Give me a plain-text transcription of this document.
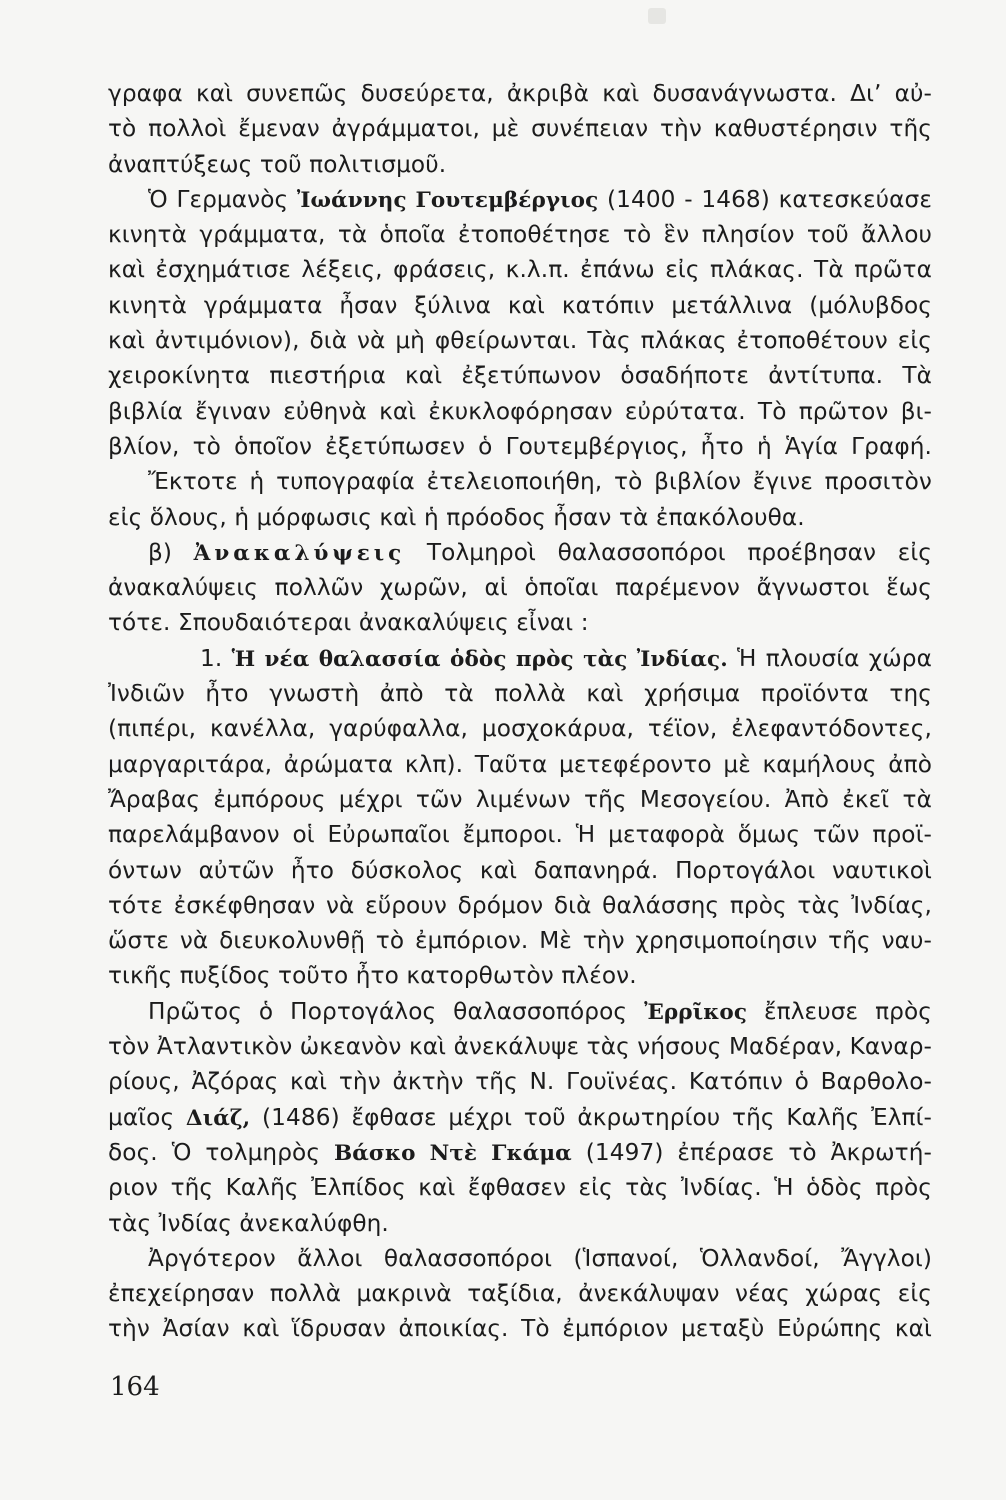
γραφα καὶ συνεπῶς δυσεύρετα, ἀκριβὰ καὶ δυσανάγνωστα. Διʼ αὐ-
τὸ πολλοὶ ἔμεναν ἀγράμματοι, μὲ συνέπειαν τὴν καθυστέρησιν τῆς
ἀναπτύξεως τοῦ πολιτισμοῦ.
Ὁ Γερμανὸς Ἰωάννης Γουτεμβέργιος (1400 - 1468) κατεσκεύασε
κινητὰ γράμματα, τὰ ὁποῖα ἐτοποθέτησε τὸ ἓν πλησίον τοῦ ἄλλου
καὶ ἐσχημάτισε λέξεις, φράσεις, κ.λ.π. ἐπάνω εἰς πλάκας. Τὰ πρῶτα
κινητὰ γράμματα ἦσαν ξύλινα καὶ κατόπιν μετάλλινα (μόλυβδος
καὶ ἀντιμόνιον), διὰ νὰ μὴ φθείρωνται. Τὰς πλάκας ἐτοποθέτουν εἰς
χειροκίνητα πιεστήρια καὶ ἐξετύπωνον ὁσαδήποτε ἀντίτυπα. Τὰ
βιβλία ἔγιναν εὐθηνὰ καὶ ἐκυκλοφόρησαν εὐρύτατα. Τὸ πρῶτον βι-
βλίον, τὸ ὁποῖον ἐξετύπωσεν ὁ Γουτεμβέργιος, ἦτο ἡ Ἁγία Γραφή.
Ἔκτοτε ἡ τυπογραφία ἐτελειοποιήθη, τὸ βιβλίον ἔγινε προσιτὸν
εἰς ὅλους, ἡ μόρφωσις καὶ ἡ πρόοδος ἦσαν τὰ ἐπακόλουθα.
β) Ἀνακαλύψεις Τολμηροὶ θαλασσοπόροι προέβησαν εἰς
ἀνακαλύψεις πολλῶν χωρῶν, αἱ ὁποῖαι παρέμενον ἄγνωστοι ἕως
τότε. Σπουδαιότεραι ἀνακαλύψεις εἶναι :
1. Ἡ νέα θαλασσία ὁδὸς πρὸς τὰς Ἰνδίας. Ἡ πλουσία χώρα
Ἰνδιῶν ἦτο γνωστὴ ἀπὸ τὰ πολλὰ καὶ χρήσιμα προϊόντα της
(πιπέρι, κανέλλα, γαρύφαλλα, μοσχοκάρυα, τέϊον, ἐλεφαντόδοντες,
μαργαριτάρα, ἀρώματα κλπ). Ταῦτα μετεφέροντο μὲ καμήλους ἀπὸ
Ἄραβας ἐμπόρους μέχρι τῶν λιμένων τῆς Μεσογείου. Ἀπὸ ἐκεῖ τὰ
παρελάμβανον οἱ Εὐρωπαῖοι ἔμποροι. Ἡ μεταφορὰ ὅμως τῶν προϊ-
όντων αὐτῶν ἦτο δύσκολος καὶ δαπανηρά. Πορτογάλοι ναυτικοὶ
τότε ἐσκέφθησαν νὰ εὕρουν δρόμον διὰ θαλάσσης πρὸς τὰς Ἰνδίας,
ὥστε νὰ διευκολυνθῇ τὸ ἐμπόριον. Μὲ τὴν χρησιμοποίησιν τῆς ναυ-
τικῆς πυξίδος τοῦτο ἦτο κατορθωτὸν πλέον.
Πρῶτος ὁ Πορτογάλος θαλασσοπόρος Ἐρρῖκος ἔπλευσε πρὸς
τὸν Ἀτλαντικὸν ὠκεανὸν καὶ ἀνεκάλυψε τὰς νήσους Μαδέραν, Καναρ-
ρίους, Ἀζόρας καὶ τὴν ἀκτὴν τῆς Ν. Γουϊνέας. Κατόπιν ὁ Βαρθολο-
μαῖος Διάζ, (1486) ἔφθασε μέχρι τοῦ ἀκρωτηρίου τῆς Καλῆς Ἐλπί-
δος. Ὁ τολμηρὸς Βάσκο Ντὲ Γκάμα (1497) ἐπέρασε τὸ Ἀκρωτή-
ριον τῆς Καλῆς Ἐλπίδος καὶ ἔφθασεν εἰς τὰς Ἰνδίας. Ἡ ὁδὸς πρὸς
τὰς Ἰνδίας ἀνεκαλύφθη.
Ἀργότερον ἄλλοι θαλασσοπόροι (Ἱσπανοί, Ὁλλανδοί, Ἄγγλοι)
ἐπεχείρησαν πολλὰ μακρινὰ ταξίδια, ἀνεκάλυψαν νέας χώρας εἰς
τὴν Ἀσίαν καὶ ἵδρυσαν ἀποικίας. Τὸ ἐμπόριον μεταξὺ Εὐρώπης καὶ
164
